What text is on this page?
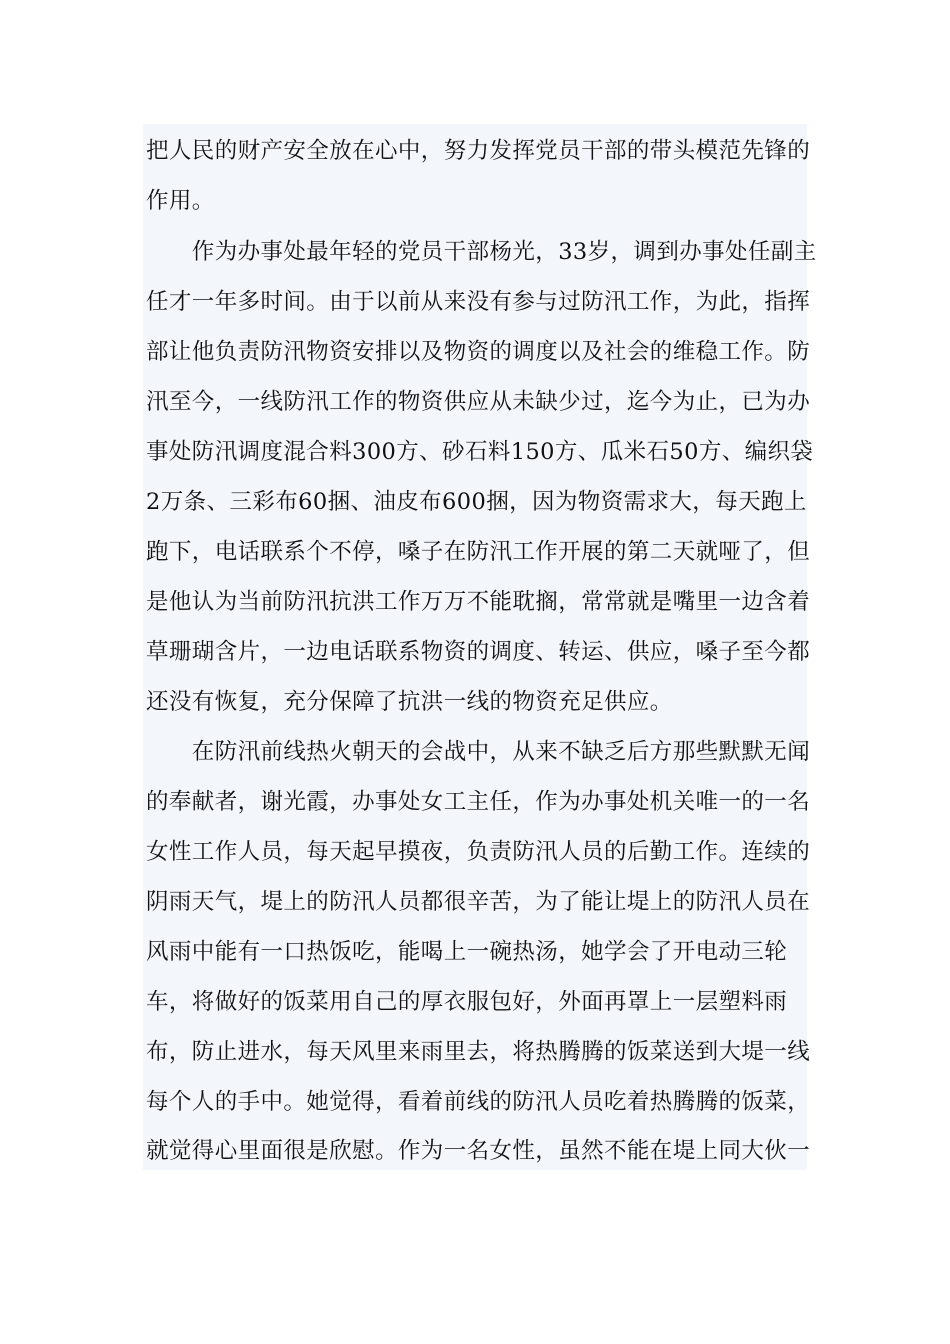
把人民的财产安全放在心中，努力发挥党员干部的带头模范先锋的
作用。
　　作为办事处最年轻的党员干部杨光，33岁，调到办事处任副主
任才一年多时间。由于以前从来没有参与过防汛工作，为此，指挥
部让他负责防汛物资安排以及物资的调度以及社会的维稳工作。防
汛至今，一线防汛工作的物资供应从未缺少过，迄今为止，已为办
事处防汛调度混合料300方、砂石料150方、瓜米石50方、编织袋
2万条、三彩布60捆、油皮布600捆，因为物资需求大，每天跑上
跑下，电话联系个不停，嗓子在防汛工作开展的第二天就哑了，但
是他认为当前防汛抗洪工作万万不能耽搁，常常就是嘴里一边含着
草珊瑚含片，一边电话联系物资的调度、转运、供应，嗓子至今都
还没有恢复，充分保障了抗洪一线的物资充足供应。
　　在防汛前线热火朝天的会战中，从来不缺乏后方那些默默无闻
的奉献者，谢光霞，办事处女工主任，作为办事处机关唯一的一名
女性工作人员，每天起早摸夜，负责防汛人员的后勤工作。连续的
阴雨天气，堤上的防汛人员都很辛苦，为了能让堤上的防汛人员在
风雨中能有一口热饭吃，能喝上一碗热汤，她学会了开电动三轮
车，将做好的饭菜用自己的厚衣服包好，外面再罩上一层塑料雨
布，防止进水，每天风里来雨里去，将热腾腾的饭菜送到大堤一线
每个人的手中。她觉得，看着前线的防汛人员吃着热腾腾的饭菜，
就觉得心里面很是欣慰。作为一名女性，虽然不能在堤上同大伙一
